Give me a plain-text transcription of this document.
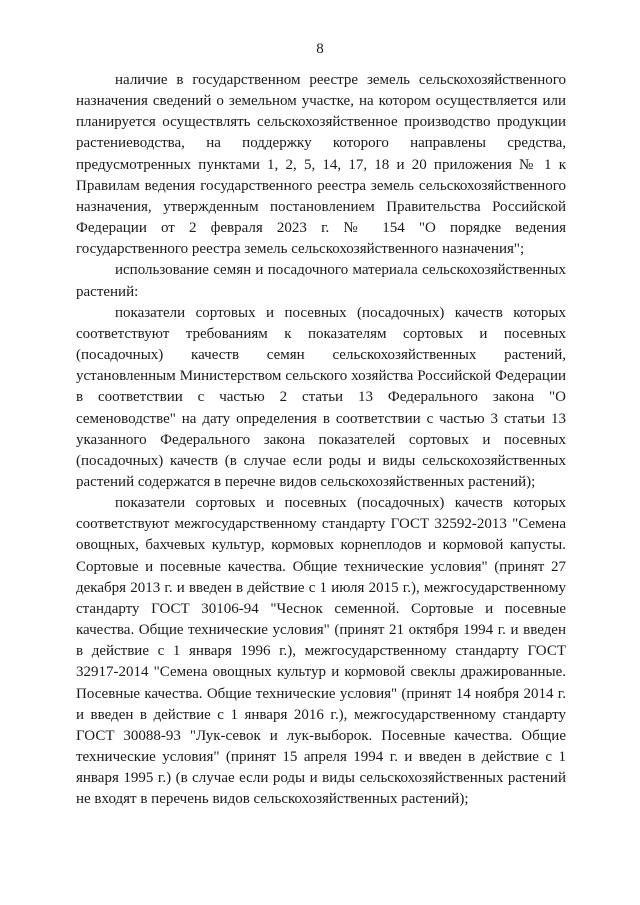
8

наличие в государственном реестре земель сельскохозяйственного назначения сведений о земельном участке, на котором осуществляется или планируется осуществлять сельскохозяйственное производство продукции растениеводства, на поддержку которого направлены средства, предусмотренных пунктами 1, 2, 5, 14, 17, 18 и 20 приложения № 1 к Правилам ведения государственного реестра земель сельскохозяйственного назначения, утвержденным постановлением Правительства Российской Федерации от 2 февраля 2023 г. № 154 "О порядке ведения государственного реестра земель сельскохозяйственного назначения";

использование семян и посадочного материала сельскохозяйственных растений:

показатели сортовых и посевных (посадочных) качеств которых соответствуют требованиям к показателям сортовых и посевных (посадочных) качеств семян сельскохозяйственных растений, установленным Министерством сельского хозяйства Российской Федерации в соответствии с частью 2 статьи 13 Федерального закона "О семеноводстве" на дату определения в соответствии с частью 3 статьи 13 указанного Федерального закона показателей сортовых и посевных (посадочных) качеств (в случае если роды и виды сельскохозяйственных растений содержатся в перечне видов сельскохозяйственных растений);

показатели сортовых и посевных (посадочных) качеств которых соответствуют межгосударственному стандарту ГОСТ 32592-2013 "Семена овощных, бахчевых культур, кормовых корнеплодов и кормовой капусты. Сортовые и посевные качества. Общие технические условия" (принят 27 декабря 2013 г. и введен в действие с 1 июля 2015 г.), межгосударственному стандарту ГОСТ 30106-94 "Чеснок семенной. Сортовые и посевные качества. Общие технические условия" (принят 21 октября 1994 г. и введен в действие с 1 января 1996 г.), межгосударственному стандарту ГОСТ 32917-2014 "Семена овощных культур и кормовой свеклы дражированные. Посевные качества. Общие технические условия" (принят 14 ноября 2014 г. и введен в действие с 1 января 2016 г.), межгосударственному стандарту ГОСТ 30088-93 "Лук-севок и лук-выборок. Посевные качества. Общие технические условия" (принят 15 апреля 1994 г. и введен в действие с 1 января 1995 г.) (в случае если роды и виды сельскохозяйственных растений не входят в перечень видов сельскохозяйственных растений);
